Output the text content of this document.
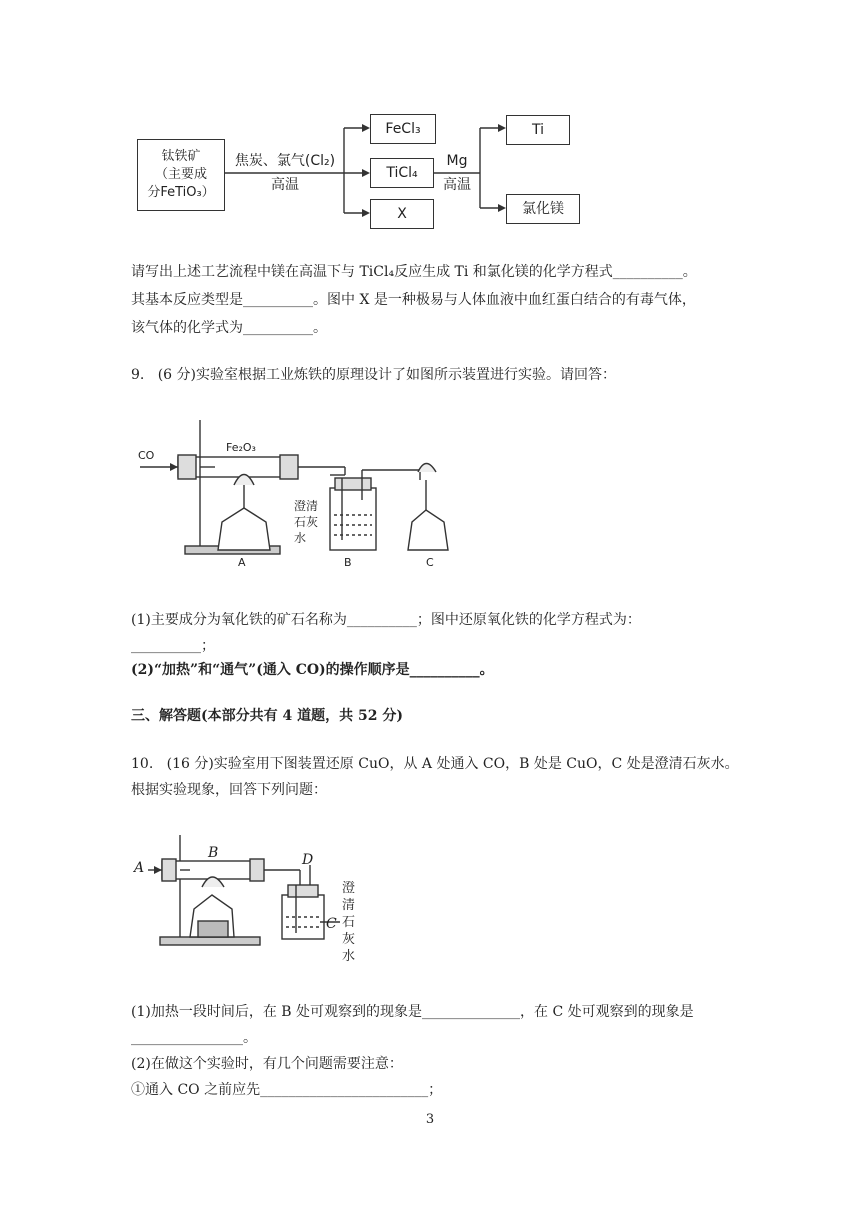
钛铁矿
（主要成
分FeTiO₃）
焦炭、氯气(Cl₂)
高温
FeCl₃
TiCl₄
X
Mg
高温
Ti
氯化镁
请写出上述工艺流程中镁在高温下与 TiCl₄反应生成 Ti 和氯化镁的化学方程式__________。
其基本反应类型是__________。图中 X 是一种极易与人体血液中血红蛋白结合的有毒气体，
该气体的化学式为__________。
9.   (6 分)实验室根据工业炼铁的原理设计了如图所示装置进行实验。请回答：
CO
Fe₂O₃
澄清石灰水
A	B	C
(1)主要成分为氧化铁的矿石名称为__________；图中还原氧化铁的化学方程式为：
__________；
(2)“加热”和“通气”(通入 CO)的操作顺序是__________。
三、解答题(本部分共有 4 道题，共 52 分)
10.   (16 分)实验室用下图装置还原 CuO，从 A 处通入 CO，B 处是 CuO，C 处是澄清石灰水。
根据实验现象，回答下列问题：
A
B	D
C
澄清石灰水
(1)加热一段时间后，在 B 处可观察到的现象是______________，在 C 处可观察到的现象是
________________。
(2)在做这个实验时，有几个问题需要注意：
①通入 CO 之前应先________________________；
3
